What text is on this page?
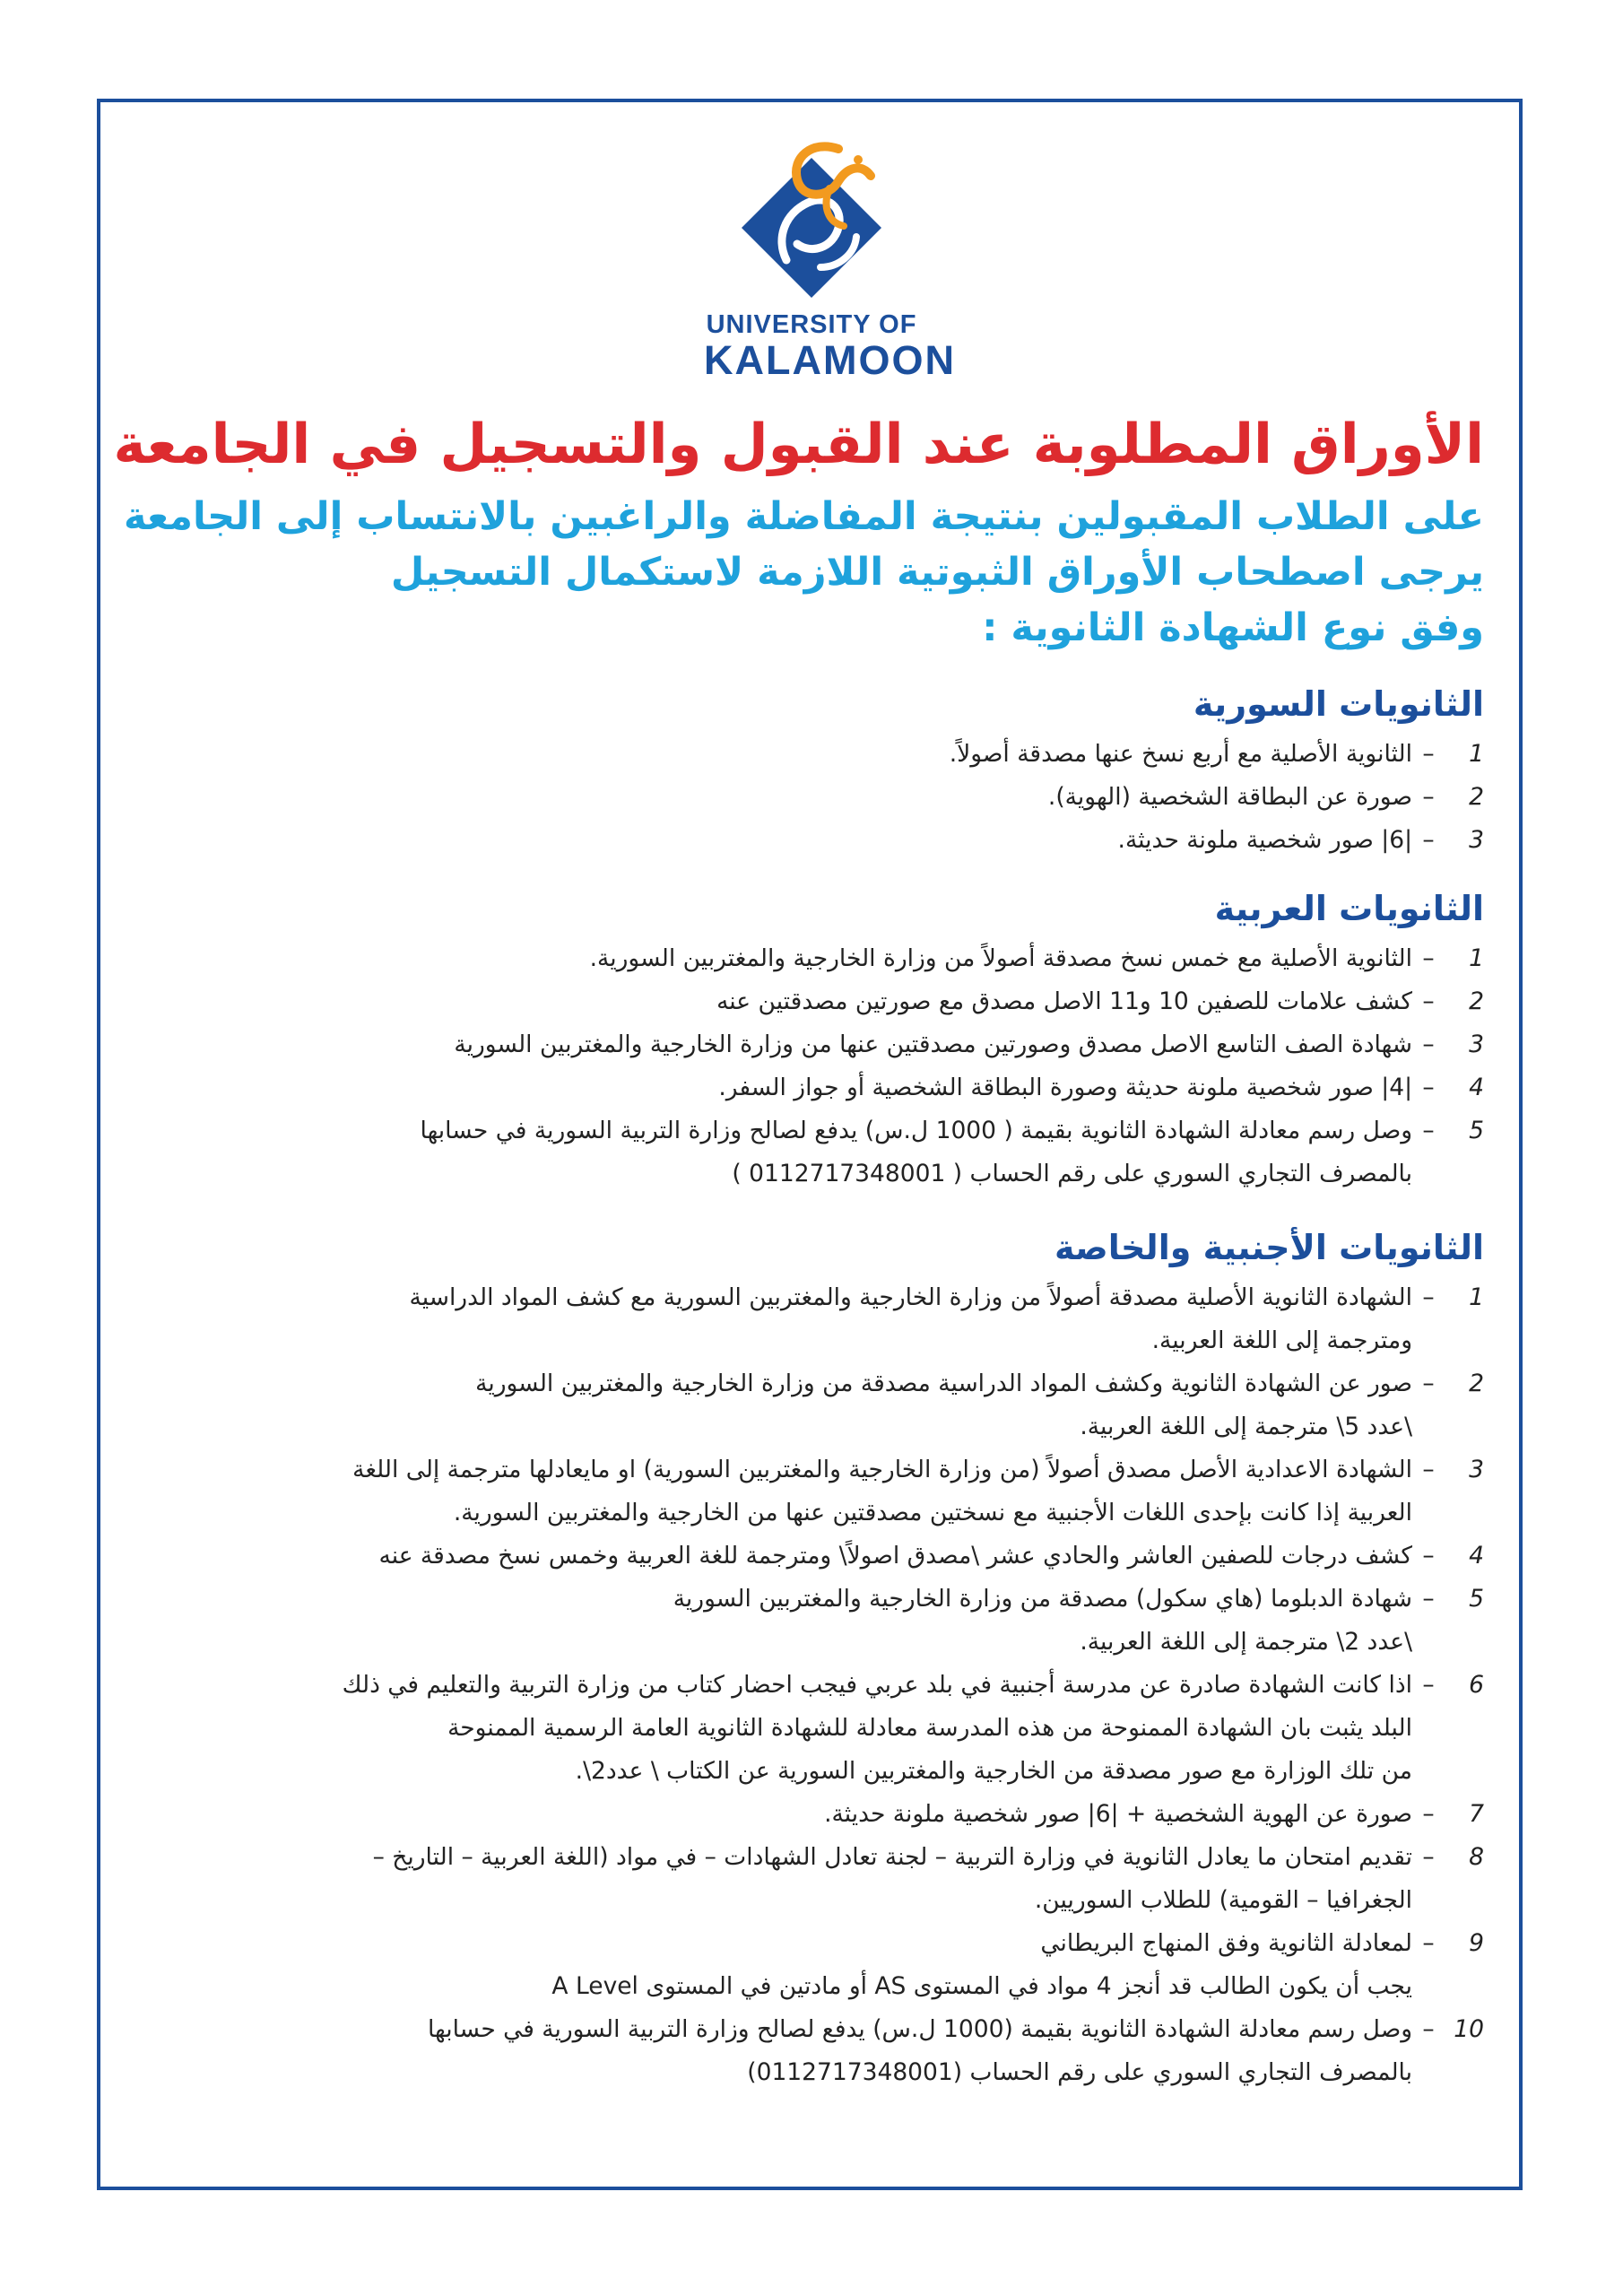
UNIVERSITY OF
KALAMOON
الأوراق المطلوبة عند القبول والتسجيل في الجامعة
على الطلاب المقبولين بنتيجة المفاضلة والراغبين بالانتساب إلى الجامعة
يرجى اصطحاب الأوراق الثبوتية اللازمة لاستكمال التسجيل
وفق نوع الشهادة الثانوية :
الثانويات السورية
1
–
الثانوية الأصلية مع أربع نسخ عنها مصدقة أصولاً.
2
–
صورة عن البطاقة الشخصية (الهوية).
3
–
|6| صور شخصية ملونة حديثة.
الثانويات العربية
1
–
الثانوية الأصلية مع خمس نسخ مصدقة أصولاً من وزارة الخارجية والمغتربين السورية.
2
–
كشف علامات للصفين 10 و11 الاصل مصدق مع صورتين مصدقتين عنه
3
–
شهادة الصف التاسع الاصل مصدق وصورتين مصدقتين عنها من وزارة الخارجية والمغتربين السورية
4
–
|4| صور شخصية ملونة حديثة وصورة البطاقة الشخصية أو جواز السفر.
5
–
وصل رسم معادلة الشهادة الثانوية بقيمة ( 1000 ل.س) يدفع لصالح وزارة التربية السورية في حسابها
بالمصرف التجاري السوري على رقم الحساب ( 0112717348001 )
الثانويات الأجنبية والخاصة
1
–
الشهادة الثانوية الأصلية مصدقة أصولاً من وزارة الخارجية والمغتربين السورية مع كشف المواد الدراسية
ومترجمة إلى اللغة العربية.
2
–
صور عن الشهادة الثانوية وكشف المواد الدراسية مصدقة من وزارة الخارجية والمغتربين السورية
\عدد 5\ مترجمة إلى اللغة العربية.
3
–
الشهادة الاعدادية الأصل مصدق أصولاً (من وزارة الخارجية والمغتربين السورية) او مايعادلها مترجمة إلى اللغة
العربية إذا كانت بإحدى اللغات الأجنبية مع نسختين مصدقتين عنها من الخارجية والمغتربين السورية.
4
–
كشف درجات للصفين العاشر والحادي عشر \مصدق اصولاً\ ومترجمة للغة العربية وخمس نسخ مصدقة عنه
5
–
شهادة الدبلوما (هاي سكول) مصدقة من وزارة الخارجية والمغتربين السورية
\عدد 2\ مترجمة إلى اللغة العربية.
6
–
اذا كانت الشهادة صادرة عن مدرسة أجنبية في بلد عربي فيجب احضار كتاب من وزارة التربية والتعليم في ذلك
البلد يثبت بان الشهادة الممنوحة من هذه المدرسة معادلة للشهادة الثانوية العامة الرسمية الممنوحة
من تلك الوزارة مع صور مصدقة من الخارجية والمغتربين السورية عن الكتاب \ عدد2\.
7
–
صورة عن الهوية الشخصية + |6| صور شخصية ملونة حديثة.
8
–
تقديم امتحان ما يعادل الثانوية في وزارة التربية – لجنة تعادل الشهادات – في مواد (اللغة العربية – التاريخ –
الجغرافيا – القومية) للطلاب السوريين.
9
–
لمعادلة الثانوية وفق المنهاج البريطاني
يجب أن يكون الطالب قد أنجز 4 مواد في المستوى AS أو مادتين في المستوى A Level
10
–
وصل رسم معادلة الشهادة الثانوية بقيمة (1000 ل.س) يدفع لصالح وزارة التربية السورية في حسابها
بالمصرف التجاري السوري على رقم الحساب (0112717348001)
